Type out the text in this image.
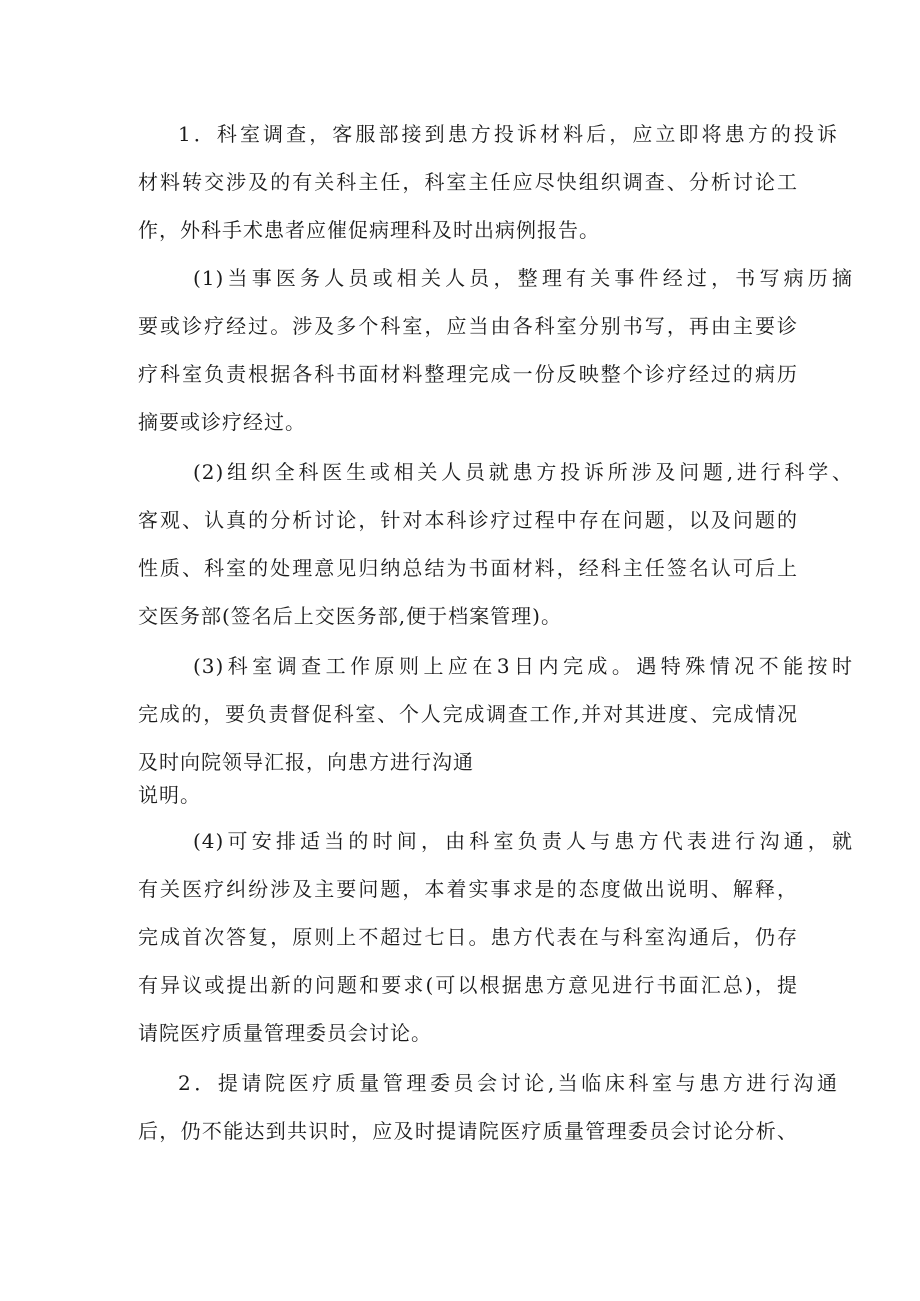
1．科室调查，客服部接到患方投诉材料后，应立即将患方的投诉
材料转交涉及的有关科主任，科室主任应尽快组织调查、分析讨论工
作，外科手术患者应催促病理科及时出病例报告。
(1)当事医务人员或相关人员，整理有关事件经过，书写病历摘
要或诊疗经过。涉及多个科室，应当由各科室分别书写，再由主要诊
疗科室负责根据各科书面材料整理完成一份反映整个诊疗经过的病历
摘要或诊疗经过。
(2)组织全科医生或相关人员就患方投诉所涉及问题,进行科学、
客观、认真的分析讨论，针对本科诊疗过程中存在问题，以及问题的
性质、科室的处理意见归纳总结为书面材料，经科主任签名认可后上
交医务部(签名后上交医务部,便于档案管理)。
(3)科室调查工作原则上应在3日内完成。遇特殊情况不能按时
完成的，要负责督促科室、个人完成调查工作,并对其进度、完成情况
及时向院领导汇报，向患方进行沟通
说明。
(4)可安排适当的时间，由科室负责人与患方代表进行沟通，就
有关医疗纠纷涉及主要问题，本着实事求是的态度做出说明、解释，
完成首次答复，原则上不超过七日。患方代表在与科室沟通后，仍存
有异议或提出新的问题和要求(可以根据患方意见进行书面汇总)，提
请院医疗质量管理委员会讨论。
2．提请院医疗质量管理委员会讨论,当临床科室与患方进行沟通
后，仍不能达到共识时，应及时提请院医疗质量管理委员会讨论分析、
